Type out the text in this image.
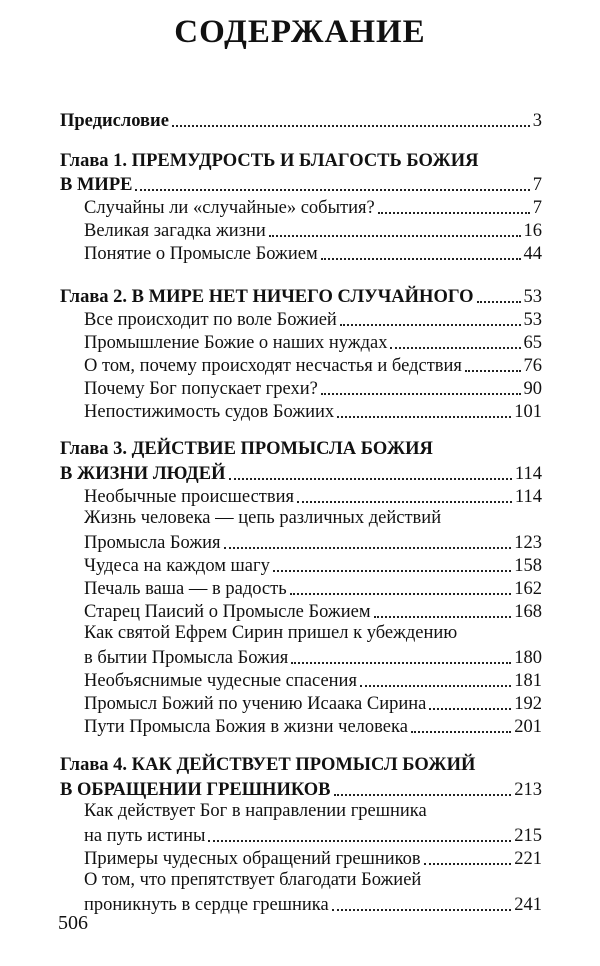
СОДЕРЖАНИЕ
Предисловие	3
Глава 1. ПРЕМУДРОСТЬ И БЛАГОСТЬ БОЖИЯ
В МИРЕ	7
Случайны ли «случайные» события?	7
Великая загадка жизни	16
Понятие о Промысле Божием	44
Глава 2. В МИРЕ НЕТ НИЧЕГО СЛУЧАЙНОГО	53
Все происходит по воле Божией	53
Промышление Божие о наших нуждах	65
О том, почему происходят несчастья и бедствия	76
Почему Бог попускает грехи?	90
Непостижимость судов Божиих	101
Глава 3. ДЕЙСТВИЕ ПРОМЫСЛА БОЖИЯ
В ЖИЗНИ ЛЮДЕЙ	114
Необычные происшествия	114
Жизнь человека — цепь различных действий
Промысла Божия	123
Чудеса на каждом шагу	158
Печаль ваша — в радость	162
Старец Паисий о Промысле Божием	168
Как святой Ефрем Сирин пришел к убеждению
в бытии Промысла Божия	180
Необъяснимые чудесные спасения	181
Промысл Божий по учению Исаака Сирина	192
Пути Промысла Божия в жизни человека	201
Глава 4. КАК ДЕЙСТВУЕТ ПРОМЫСЛ БОЖИЙ
В ОБРАЩЕНИИ ГРЕШНИКОВ	213
Как действует Бог в направлении грешника
на путь истины	215
Примеры чудесных обращений грешников	221
О том, что препятствует благодати Божией
проникнуть в сердце грешника	241
506
